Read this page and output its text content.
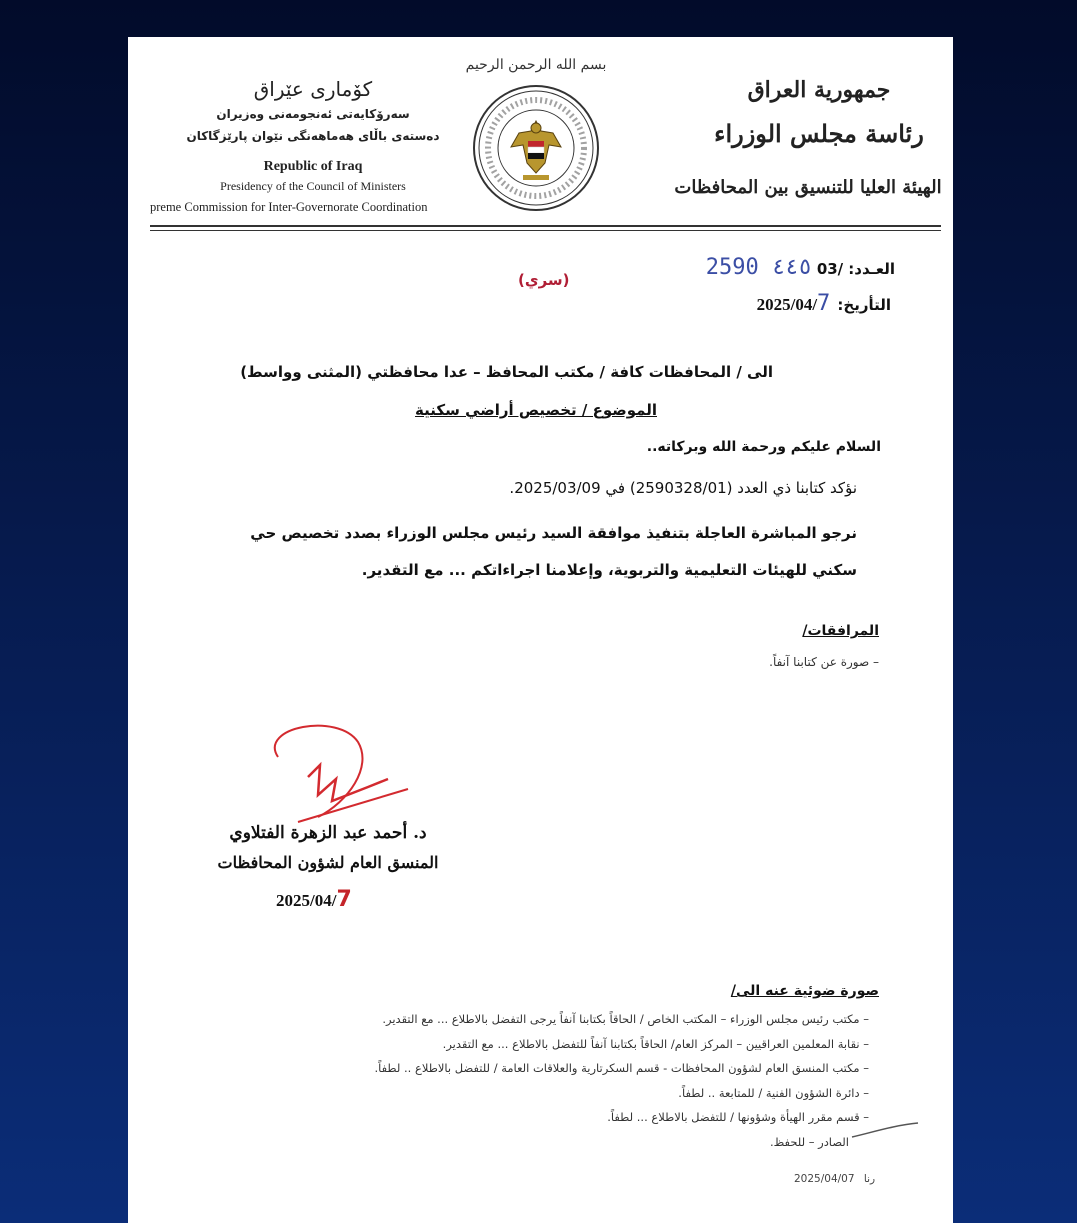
جمهورية العراق
رئاسة مجلس الوزراء
الهيئة العليا للتنسيق بين المحافظات
بسم الله الرحمن الرحيم
كۆماری عێراق
سەرۆکایەتی ئەنجومەنی وەزیران
دەستەی باڵای هەماهەنگی نێوان پارێزگاکان
Republic of Iraq
Presidency of the Council of Ministers
preme Commission for Inter-Governorate Coordination
العـدد: 03/ 2590 ٤٤٥
(سري)
التأريخ: 2025/04/7
الى / المحافظات كافة / مكتب المحافظ – عدا محافظتي (المثنى وواسط)
الموضوع / تخصيص أراضي سكنية
السلام عليكم ورحمة الله وبركاته..
نؤكد كتابنا ذي العدد (2590328/01) في 2025/03/09.
نرجو المباشرة العاجلة بتنفيذ موافقة السيد رئيس مجلس الوزراء بصدد تخصيص حي سكني للهيئات التعليمية والتربوية، وإعلامنا اجراءاتكم ... مع التقدير.
المرافقات/
– صورة عن كتابنا آنفاً.
د. أحمد عبد الزهرة الفتلاوي
المنسق العام لشؤون المحافظات
2025/04/7
صورة ضوئية عنه الى/
– مكتب رئيس مجلس الوزراء – المكتب الخاص / الحاقاً بكتابنا آنفاً يرجى التفضل بالاطلاع ... مع التقدير.
– نقابة المعلمين العراقيين – المركز العام/ الحاقاً بكتابنا آنفاً للتفضل بالاطلاع ... مع التقدير.
– مكتب المنسق العام لشؤون المحافظات - قسم السكرتارية والعلاقات العامة / للتفضل بالاطلاع .. لطفاً.
– دائرة الشؤون الفنية / للمتابعة .. لطفاً.
– قسم مقرر الهيأة وشؤونها / للتفضل بالاطلاع ... لطفاً.
الصادر – للحفظ.
2025/04/07 رنا
